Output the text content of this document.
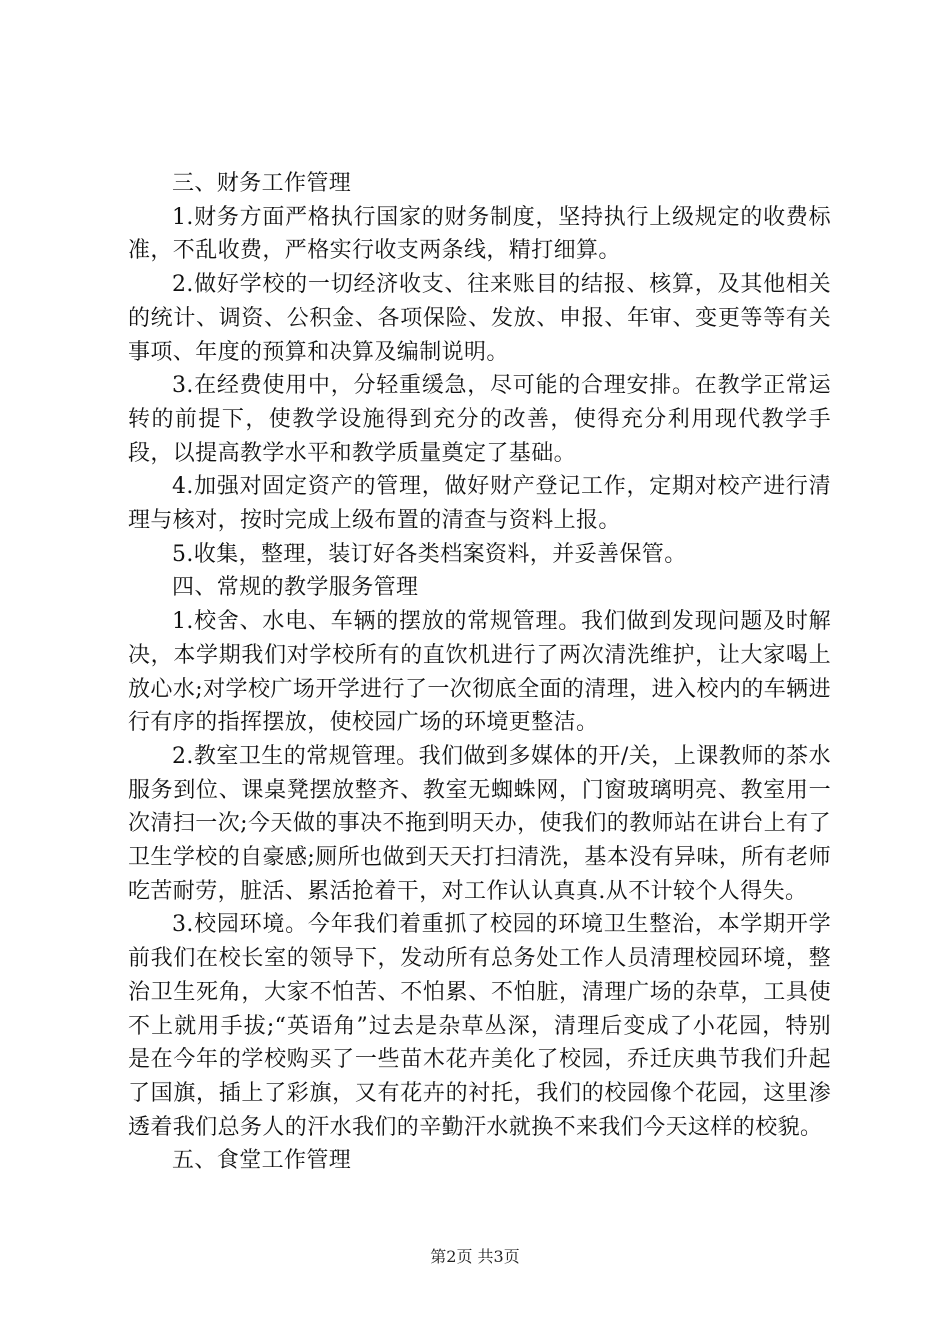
三、财务工作管理

1.财务方面严格执行国家的财务制度，坚持执行上级规定的收费标准，不乱收费，严格实行收支两条线，精打细算。

2.做好学校的一切经济收支、往来账目的结报、核算，及其他相关的统计、调资、公积金、各项保险、发放、申报、年审、变更等等有关事项、年度的预算和决算及编制说明。

3.在经费使用中，分轻重缓急，尽可能的合理安排。在教学正常运转的前提下，使教学设施得到充分的改善，使得充分利用现代教学手段，以提高教学水平和教学质量奠定了基础。

4.加强对固定资产的管理，做好财产登记工作，定期对校产进行清理与核对，按时完成上级布置的清查与资料上报。

5.收集，整理，装订好各类档案资料，并妥善保管。

四、常规的教学服务管理

1.校舍、水电、车辆的摆放的常规管理。我们做到发现问题及时解决，本学期我们对学校所有的直饮机进行了两次清洗维护，让大家喝上放心水;对学校广场开学进行了一次彻底全面的清理，进入校内的车辆进行有序的指挥摆放，使校园广场的环境更整洁。

2.教室卫生的常规管理。我们做到多媒体的开/关，上课教师的茶水服务到位、课桌凳摆放整齐、教室无蜘蛛网，门窗玻璃明亮、教室用一次清扫一次;今天做的事决不拖到明天办，使我们的教师站在讲台上有了卫生学校的自豪感;厕所也做到天天打扫清洗，基本没有异味，所有老师吃苦耐劳，脏活、累活抢着干，对工作认认真真.从不计较个人得失。

3.校园环境。今年我们着重抓了校园的环境卫生整治，本学期开学前我们在校长室的领导下，发动所有总务处工作人员清理校园环境，整治卫生死角，大家不怕苦、不怕累、不怕脏，清理广场的杂草，工具使不上就用手拔;“英语角”过去是杂草丛深，清理后变成了小花园，特别是在今年的学校购买了一些苗木花卉美化了校园，乔迁庆典节我们升起了国旗，插上了彩旗，又有花卉的衬托，我们的校园像个花园，这里渗透着我们总务人的汗水我们的辛勤汗水就换不来我们今天这样的校貌。

五、食堂工作管理

第2页 共3页
